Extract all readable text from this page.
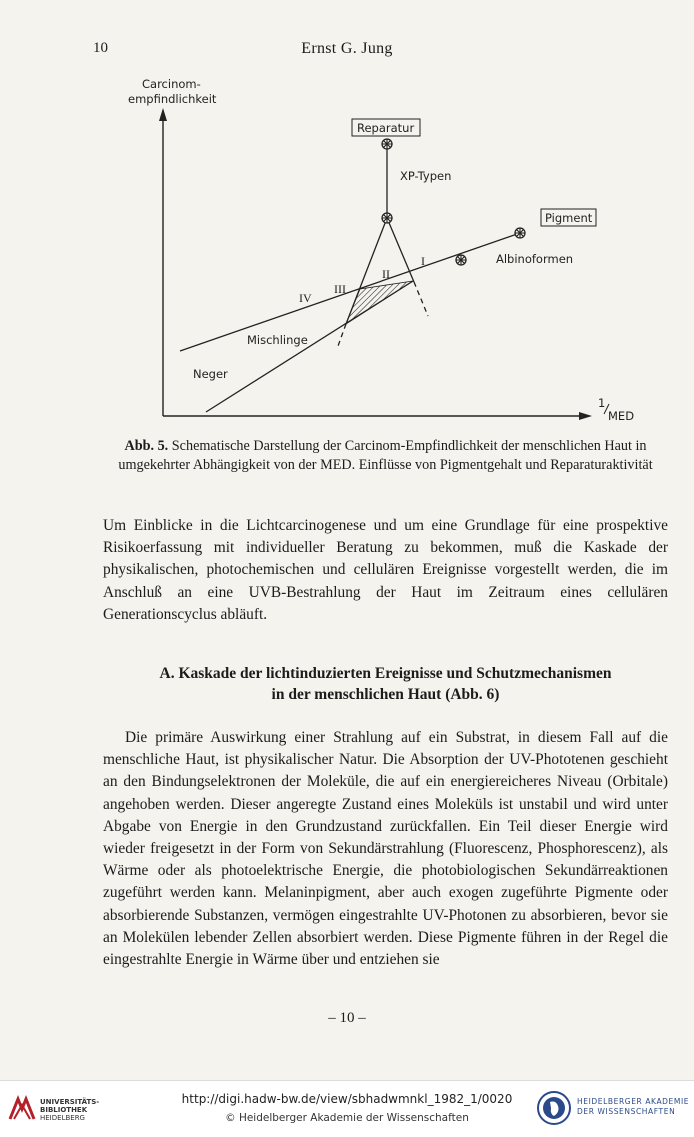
10	Ernst G. Jung
Carcinom-
empfindlichkeit
1
MED
Reparatur
Pigment
XP-Typen
Albinoformen
Mischlinge
Neger
I
II
III
IV
Abb. 5. Schematische Darstellung der Carcinom-Empfindlichkeit der menschlichen Haut in umgekehrter Abhängigkeit von der MED. Einflüsse von Pigmentgehalt und Reparaturaktivität
Um Einblicke in die Lichtcarcinogenese und um eine Grundlage für eine prospektive Risikoerfassung mit individueller Beratung zu bekommen, muß die Kaskade der physikalischen, photochemischen und cellulären Ereignisse vorgestellt werden, die im Anschluß an eine UVB-Bestrahlung der Haut im Zeitraum eines cellulären Generationscyclus abläuft.
A. Kaskade der lichtinduzierten Ereignisse und Schutzmechanismen
in der menschlichen Haut (Abb. 6)
Die primäre Auswirkung einer Strahlung auf ein Substrat, in diesem Fall auf die menschliche Haut, ist physikalischer Natur. Die Absorption der UV-Phototenen geschieht an den Bindungselektronen der Moleküle, die auf ein energiereicheres Niveau (Orbitale) angehoben werden. Dieser angeregte Zustand eines Moleküls ist unstabil und wird unter Abgabe von Energie in den Grundzustand zurückfallen. Ein Teil dieser Energie wird wieder freigesetzt in der Form von Sekundärstrahlung (Fluorescenz, Phosphorescenz), als Wärme oder als photoelektrische Energie, die photobiologischen Sekundärreaktionen zugeführt werden kann. Melaninpigment, aber auch exogen zugeführte Pigmente oder absorbierende Substanzen, vermögen eingestrahlte UV-Photonen zu absorbieren, bevor sie an Molekülen lebender Zellen absorbiert werden. Diese Pigmente führen in der Regel die eingestrahlte Energie in Wärme über und entziehen sie
– 10 –
UNIVERSITÄTS-
BIBLIOTHEK
HEIDELBERG
http://digi.hadw-bw.de/view/sbhadwmnkl_1982_1/0020
© Heidelberger Akademie der Wissenschaften
HEIDELBERGER AKADEMIE
DER WISSENSCHAFTEN
